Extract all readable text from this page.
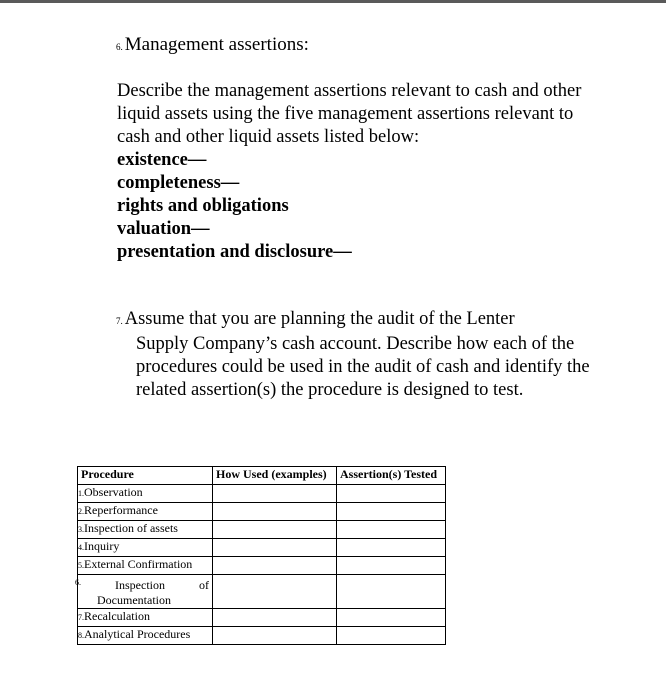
6. Management assertions:

Describe the management assertions relevant to cash and other liquid assets using the five management assertions relevant to cash and other liquid assets listed below:

existence—

completeness—

rights and obligations

valuation—

presentation and disclosure—

7. Assume that you are planning the audit of the Lenter

Supply Company’s cash account. Describe how each of the procedures could be used in the audit of cash and identify the related assertion(s) the procedure is designed to test.

Procedure	How Used (examples)	Assertion(s) Tested
1.Observation		
2.Reperformance		
3.Inspection of assets		
4.Inquiry		
5.External Confirmation		

6. Inspection of
Documentation		

7.Recalculation		
8.Analytical Procedures		
